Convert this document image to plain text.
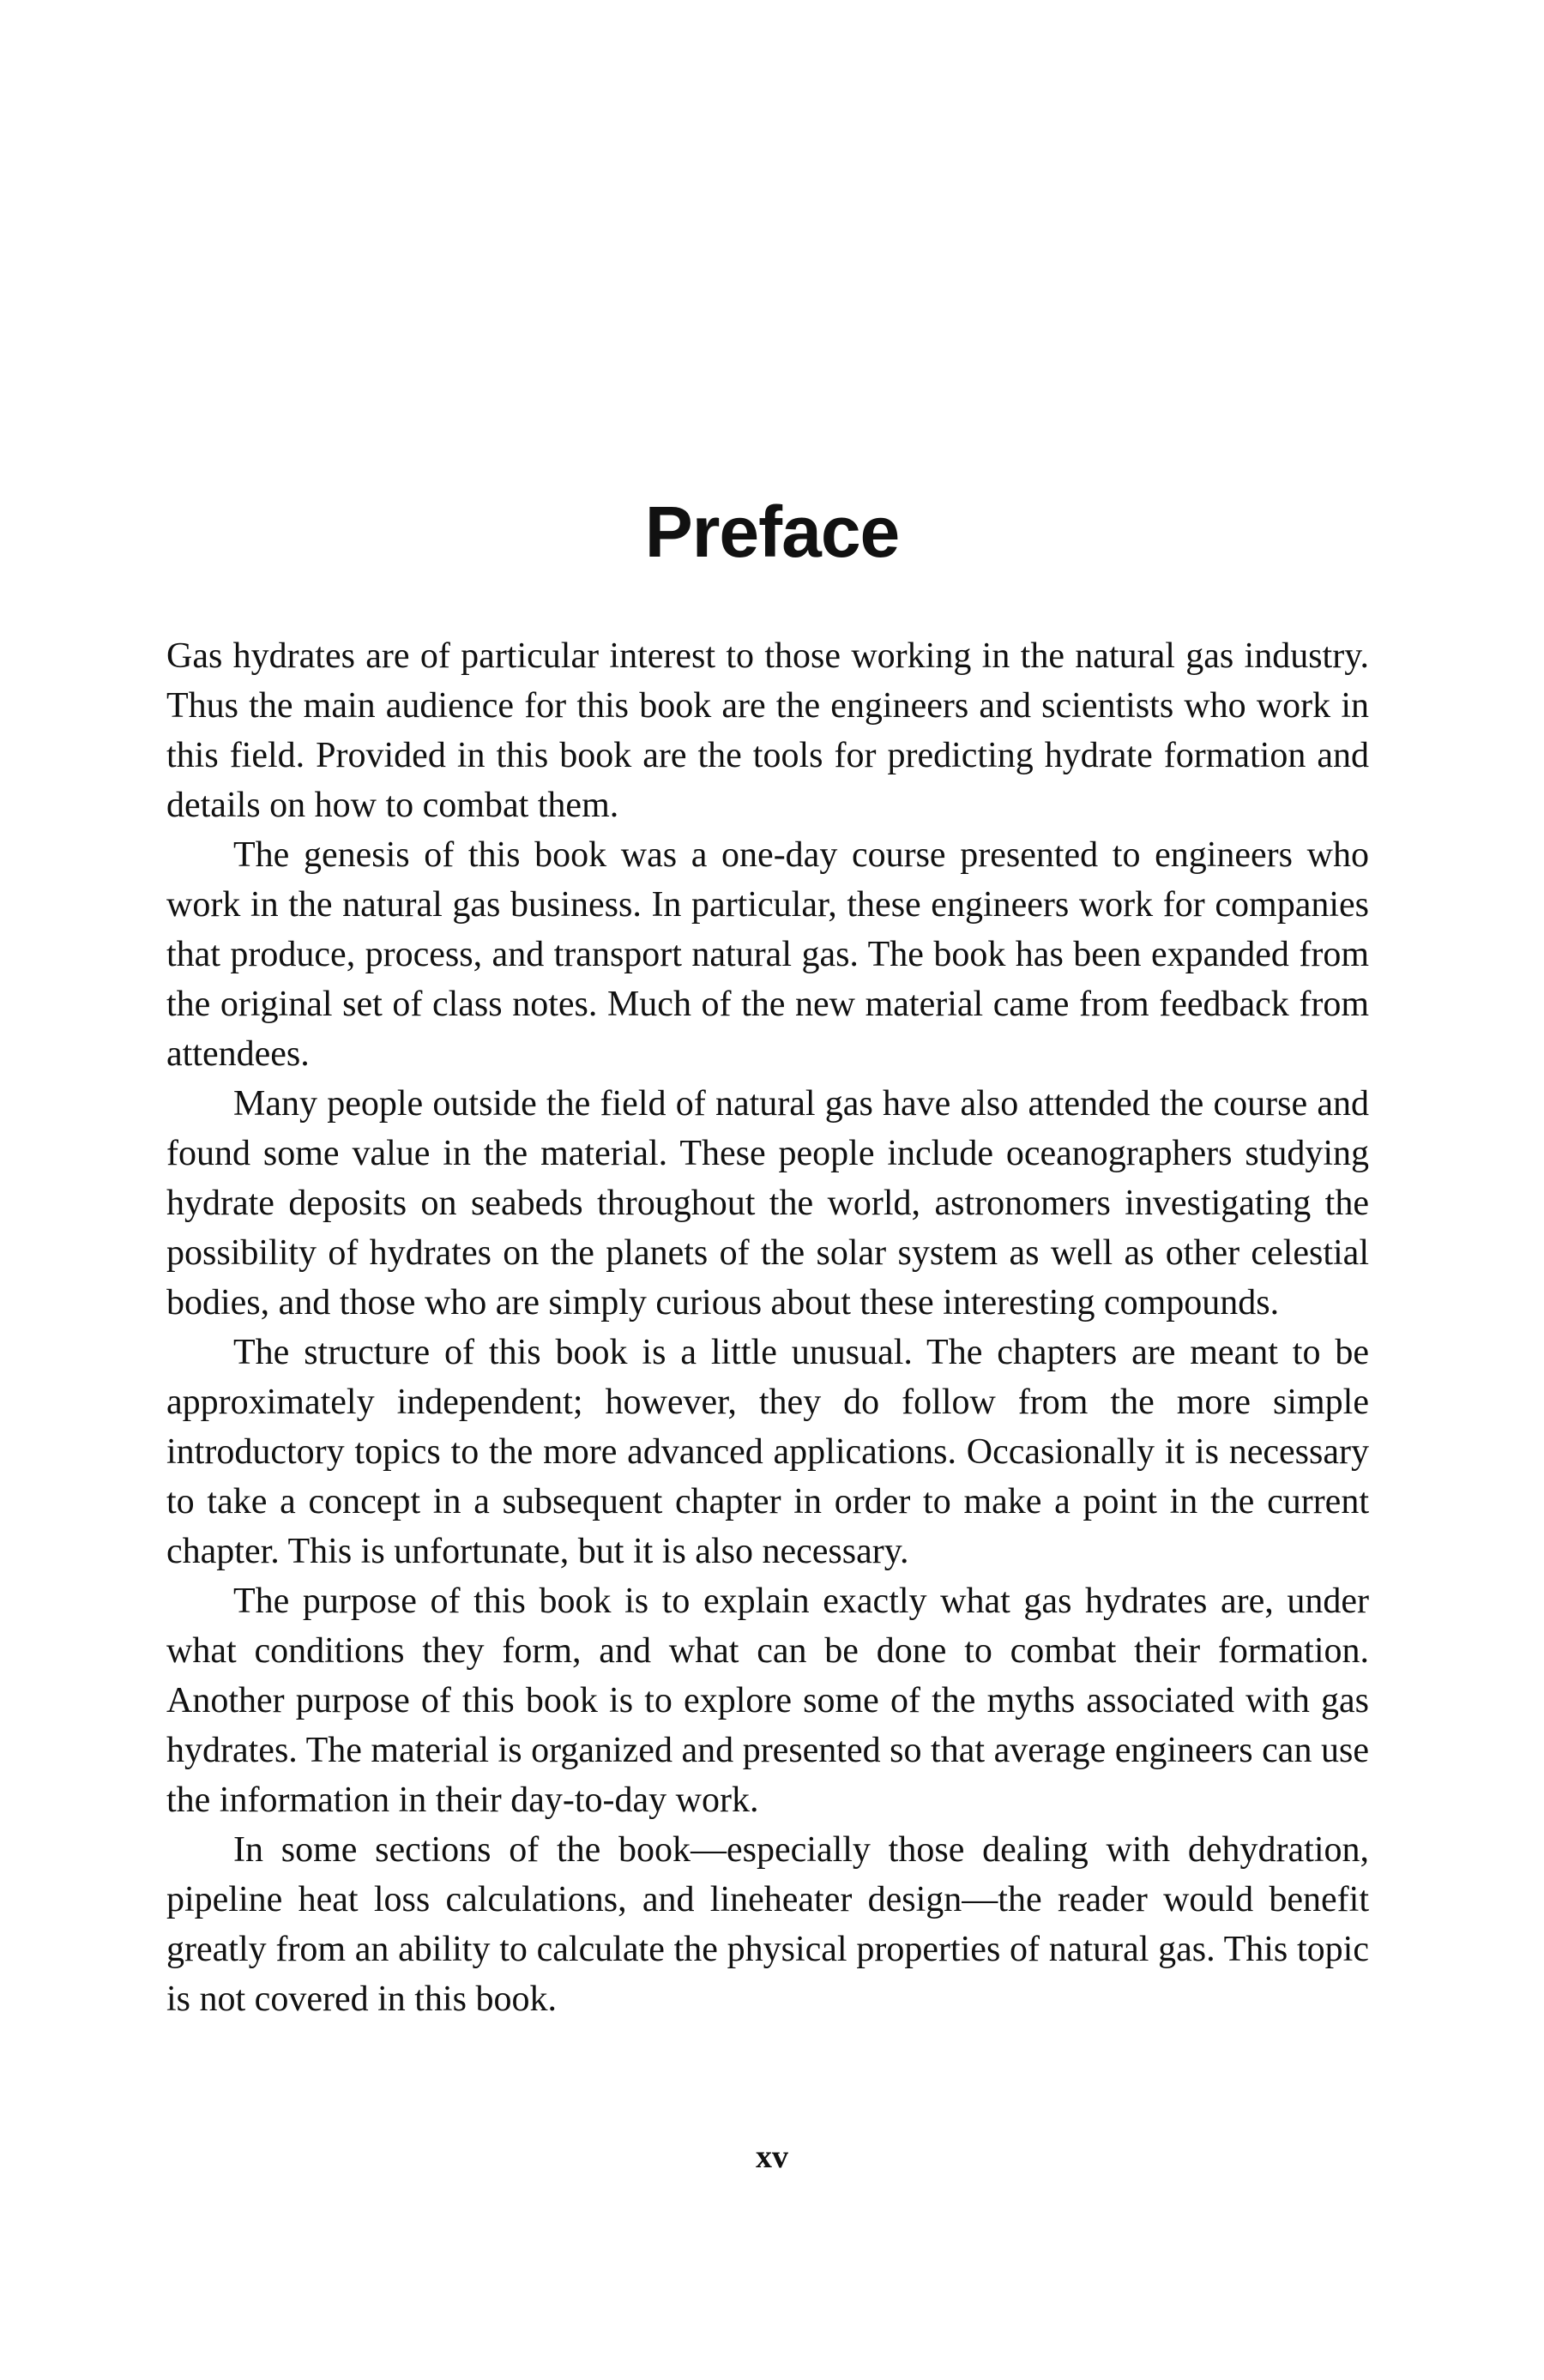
Preface

Gas hydrates are of particular interest to those working in the natural gas industry. Thus the main audience for this book are the engineers and scientists who work in this field. Provided in this book are the tools for predicting hydrate formation and details on how to combat them.

The genesis of this book was a one-day course presented to engineers who work in the natural gas business. In particular, these engineers work for companies that produce, process, and transport natural gas. The book has been expanded from the original set of class notes. Much of the new material came from feedback from attendees.

Many people outside the field of natural gas have also attended the course and found some value in the material. These people include oceanographers studying hydrate deposits on seabeds throughout the world, astronomers investigating the possibility of hydrates on the planets of the solar system as well as other celestial bodies, and those who are simply curious about these interesting compounds.

The structure of this book is a little unusual. The chapters are meant to be approximately independent; however, they do follow from the more simple introductory topics to the more advanced applications. Occasionally it is necessary to take a concept in a subsequent chapter in order to make a point in the current chapter. This is unfortunate, but it is also necessary.

The purpose of this book is to explain exactly what gas hydrates are, under what conditions they form, and what can be done to combat their formation. Another purpose of this book is to explore some of the myths associated with gas hydrates. The material is organized and presented so that average engineers can use the information in their day-to-day work.

In some sections of the book—especially those dealing with dehydration, pipeline heat loss calculations, and lineheater design—the reader would benefit greatly from an ability to calculate the physical properties of natural gas. This topic is not covered in this book.

xv
